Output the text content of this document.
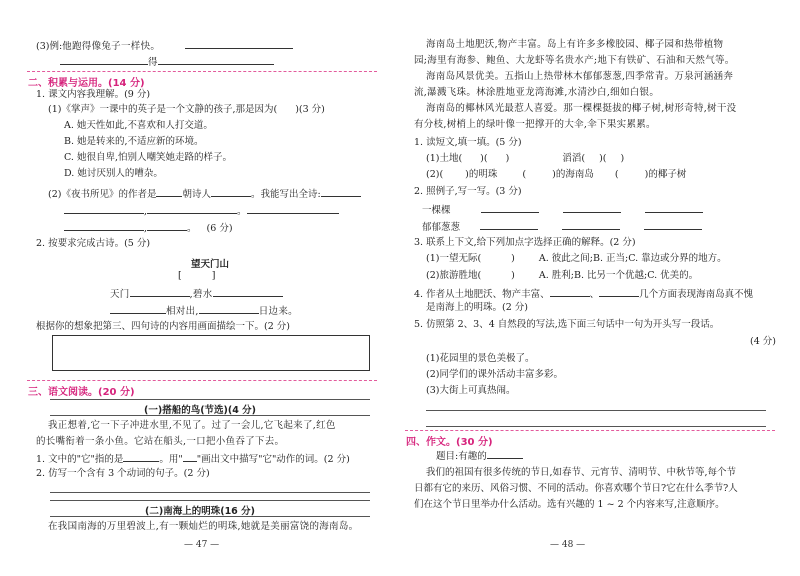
(3)例:他跑得像兔子一样快。
得
二、积累与运用。(14 分)
1. 课文内容我理解。(9 分)
(1)《掌声》一课中的英子是一个文静的孩子,那是因为( )(3 分)
A. 她天性如此,不喜欢和人打交道。
B. 她是转来的,不适应新的环境。
C. 她很自卑,怕别人嘲笑她走路的样子。
D. 她讨厌别人的嘈杂。
(2)《夜书所见》的作者是	朝诗人	。我能写出全诗:
,	。
,	。 (6 分)
2. 按要求完成古诗。(5 分)
望天门山
[	]
天门	,碧水
相对出,	日边来。
根据你的想象把第三、四句诗的内容用画面描绘一下。(2 分)
三、语文阅读。(20 分)
(一)搭船的鸟(节选)(4 分)
我正想着,它一下子冲进水里,不见了。过了一会儿,它飞起来了,红色
的长嘴衔着一条小鱼。它站在船头,一口把小鱼吞了下去。
1. 文中的"它"指的是	。用" "画出文中描写"它"动作的词。(2 分)
2. 仿写一个含有 3 个动词的句子。(2 分)
(二)南海上的明珠(16 分)
在我国南海的万里碧波上,有一颗灿烂的明珠,她就是美丽富饶的海南岛。
— 47 —
海南岛土地肥沃,物产丰富。岛上有许多多橡胶园、椰子园和热带植物
园;海里有海参、鲍鱼、大龙虾等名贵水产;地下有铁矿、石油和天然气等。
海南岛风景优美。五指山上热带林木郁郁葱葱,四季常青。万泉河涵涵奔
流,瀑溅飞珠。林涂胜地亚龙湾海滩,水清沙白,细如白银。
海南岛的椰林风光最惹人喜爱。那一棵棵挺拔的椰子树,树形奇特,树干没
有分枝,树梢上的绿叶像一把撑开的大伞,伞下果实累累。
1. 读短文,填一填。(5 分)
(1)土地( )( )	滔滔( )( )
(2)( )的明珠	(	)的海南岛 (	)的椰子树
2. 照例子,写一写。(3 分)
一棵棵
郁郁葱葱
3. 联系上下文,给下列加点字选择正确的解释。(2 分)
(1)一望无际(	)	A. 彼此之间;B. 正当;C. 靠边或分界的地方。
(2)旅游胜地(	)	A. 胜利;B. 比另一个优越;C. 优美的。
4. 作者从土地肥沃、物产丰富、	、	几个方面表现海南岛真不愧
是南海上的明珠。(2 分)
5. 仿照第 2、3、4 自然段的写法,选下面三句话中一句为开头写一段话。
(4 分)
(1)花园里的景色美极了。
(2)同学们的课外活动丰富多彩。
(3)大街上可真热闹。
四、作文。(30 分)
题目:有趣的
我们的祖国有很多传统的节日,如春节、元宵节、清明节、中秋节等,每个节
日都有它的来历、风俗习惯、不同的活动。你喜欢哪个节日?它在什么季节?人
们在这个节日里举办什么活动。选有兴趣的 1 ~ 2 个内容来写,注意顺序。
— 48 —
